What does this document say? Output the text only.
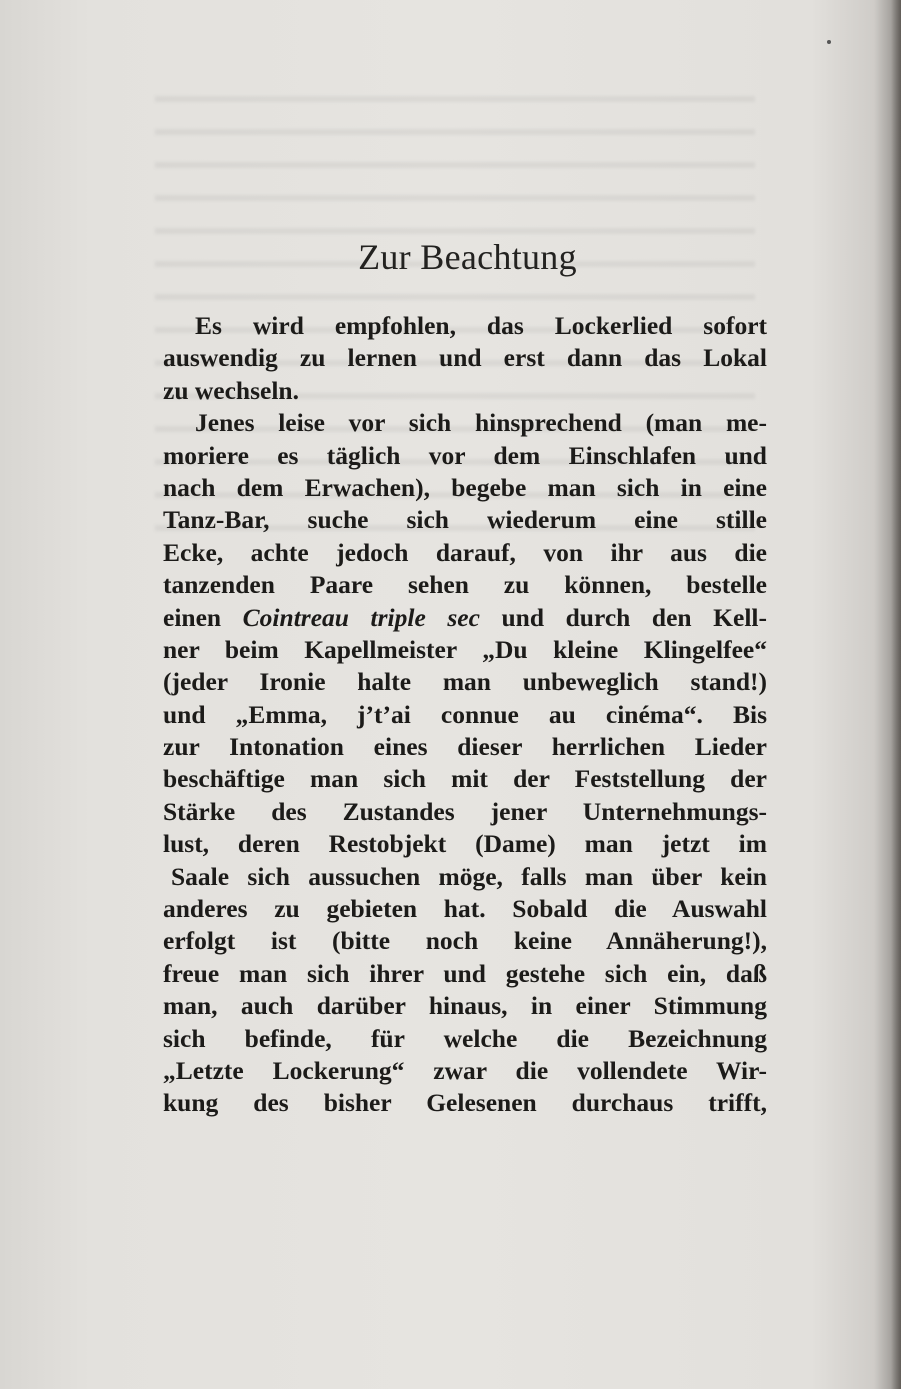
Zur Beachtung
Es wird empfohlen, das Lockerlied sofort
auswendig zu lernen und erst dann das Lokal
zu wechseln.
Jenes leise vor sich hinsprechend (man me-
moriere es täglich vor dem Einschlafen und
nach dem Erwachen), begebe man sich in eine
Tanz-Bar, suche sich wiederum eine stille
Ecke, achte jedoch darauf, von ihr aus die
tanzenden Paare sehen zu können, bestelle
einen Cointreau triple sec und durch den Kell-
ner beim Kapellmeister „Du kleine Klingelfee“
(jeder Ironie halte man unbeweglich stand!)
und „Emma, j’t’ai connue au cinéma“. Bis
zur Intonation eines dieser herrlichen Lieder
beschäftige man sich mit der Feststellung der
Stärke des Zustandes jener Unternehmungs-
lust, deren Restobjekt (Dame) man jetzt im
Saale sich aussuchen möge, falls man über kein
anderes zu gebieten hat. Sobald die Auswahl
erfolgt ist (bitte noch keine Annäherung!),
freue man sich ihrer und gestehe sich ein, daß
man, auch darüber hinaus, in einer Stimmung
sich befinde, für welche die Bezeichnung
„Letzte Lockerung“ zwar die vollendete Wir-
kung des bisher Gelesenen durchaus trifft,
